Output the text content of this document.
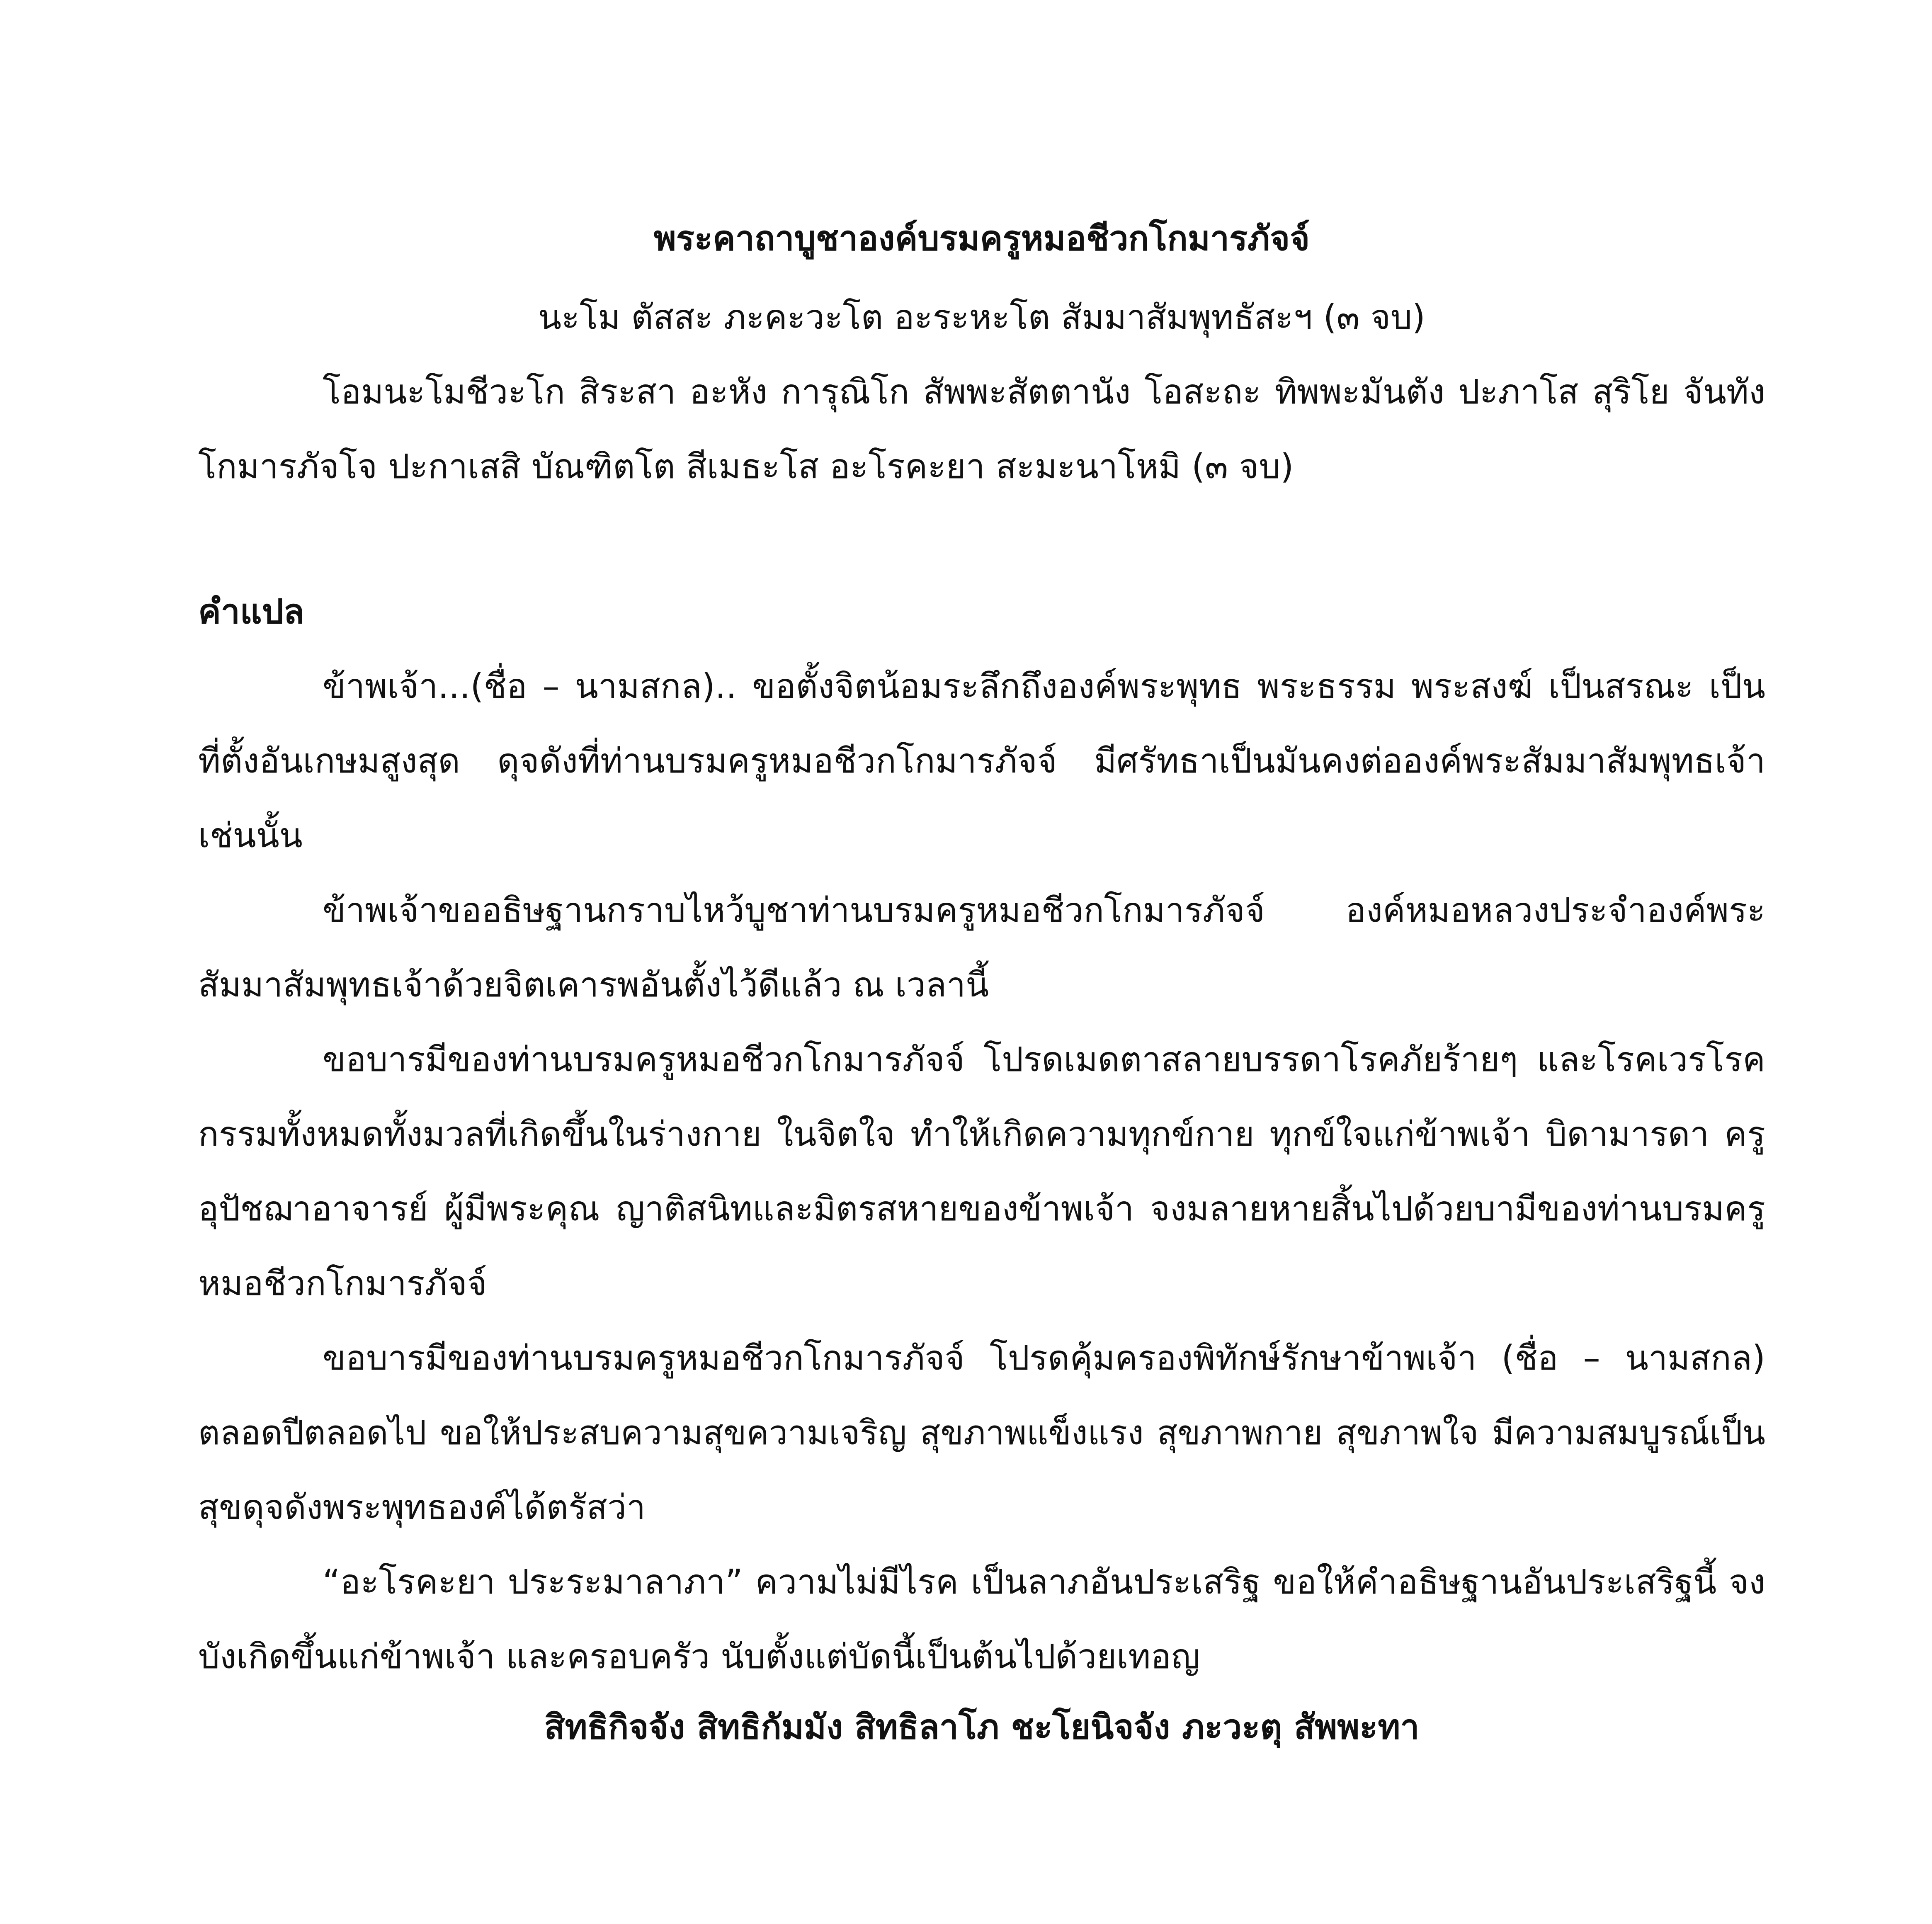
พระคาถาบูชาองค์บรมครูหมอชีวกโกมารภัจจ์
นะโม ตัสสะ ภะคะวะโต อะระหะโต สัมมาสัมพุทธัสะฯ (๓ จบ)
โอมนะโมชีวะโก สิระสา อะหัง การุณิโก สัพพะสัตตานัง โอสะถะ ทิพพะมันตัง ปะภาโส สุริโย จันทัง
โกมารภัจโจ ปะกาเสสิ บัณฑิตโต สีเมธะโส อะโรคะยา สะมะนาโหมิ (๓ จบ)
คำแปล
ข้าพเจ้า...(ชื่อ – นามสกล).. ขอตั้งจิตน้อมระลึกถึงองค์พระพุทธ พระธรรม พระสงฆ์ เป็นสรณะ เป็น
ที่ตั้งอันเกษมสูงสุด ดุจดังที่ท่านบรมครูหมอชีวกโกมารภัจจ์ มีศรัทธาเป็นมันคงต่อองค์พระสัมมาสัมพุทธเจ้า
เช่นนั้น
ข้าพเจ้าขออธิษฐานกราบไหว้บูชาท่านบรมครูหมอชีวกโกมารภัจจ์ องค์หมอหลวงประจำองค์พระ
สัมมาสัมพุทธเจ้าด้วยจิตเคารพอันตั้งไว้ดีแล้ว ณ เวลานี้
ขอบารมีของท่านบรมครูหมอชีวกโกมารภัจจ์ โปรดเมดตาสลายบรรดาโรคภัยร้ายๆ และโรคเวรโรค
กรรมทั้งหมดทั้งมวลที่เกิดขึ้นในร่างกาย ในจิตใจ ทำให้เกิดความทุกข์กาย ทุกข์ใจแก่ข้าพเจ้า บิดามารดา ครู
อุปัชฌาอาจารย์ ผู้มีพระคุณ ญาติสนิทและมิตรสหายของข้าพเจ้า จงมลายหายสิ้นไปด้วยบามีของท่านบรมครู
หมอชีวกโกมารภัจจ์
ขอบารมีของท่านบรมครูหมอชีวกโกมารภัจจ์ โปรดคุ้มครองพิทักษ์รักษาข้าพเจ้า (ชื่อ – นามสกล)
ตลอดปีตลอดไป ขอให้ประสบความสุขความเจริญ สุขภาพแข็งแรง สุขภาพกาย สุขภาพใจ มีความสมบูรณ์เป็น
สุขดุจดังพระพุทธองค์ได้ตรัสว่า
“อะโรคะยา ประระมาลาภา” ความไม่มีไรค เป็นลาภอันประเสริฐ ขอให้คำอธิษฐานอันประเสริฐนี้ จง
บังเกิดขึ้นแก่ข้าพเจ้า และครอบครัว นับตั้งแต่บัดนี้เป็นต้นไปด้วยเทอญ
สิทธิกิจจัง สิทธิกัมมัง สิทธิลาโภ ชะโยนิจจัง ภะวะตุ สัพพะทา
